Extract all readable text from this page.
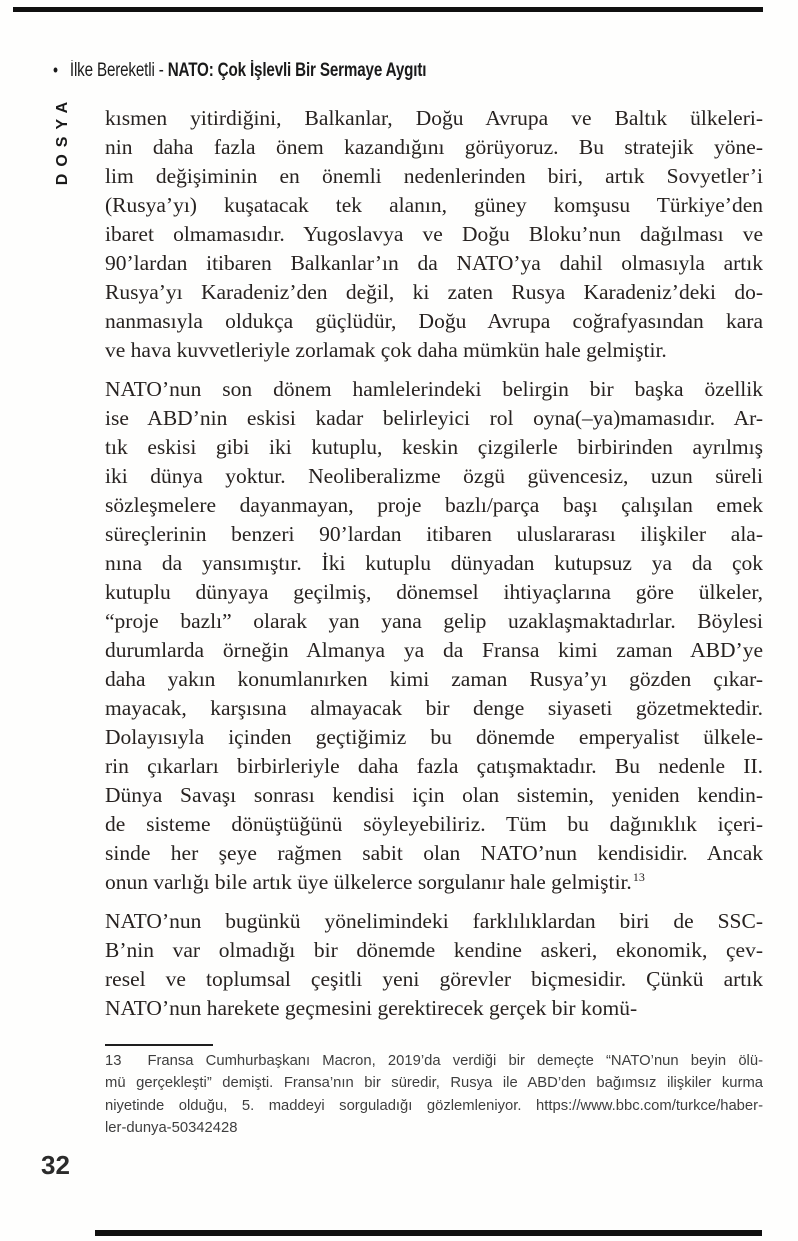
• İlke Bereketli - NATO: Çok İşlevli Bir Sermaye Aygıtı
DOSYA kısmen yitirdiğini, Balkanlar, Doğu Avrupa ve Baltık ülkeleri-
nin daha fazla önem kazandığını görüyoruz. Bu stratejik yöne-
lim değişiminin en önemli nedenlerinden biri, artık Sovyetler’i
(Rusya’yı) kuşatacak tek alanın, güney komşusu Türkiye’den
ibaret olmamasıdır. Yugoslavya ve Doğu Bloku’nun dağılması ve
90’lardan itibaren Balkanlar’ın da NATO’ya dahil olmasıyla artık
Rusya’yı Karadeniz’den değil, ki zaten Rusya Karadeniz’deki do-
nanmasıyla oldukça güçlüdür, Doğu Avrupa coğrafyasından kara
ve hava kuvvetleriyle zorlamak çok daha mümkün hale gelmiştir.
NATO’nun son dönem hamlelerindeki belirgin bir başka özellik
ise ABD’nin eskisi kadar belirleyici rol oyna(–ya)mamasıdır. Ar-
tık eskisi gibi iki kutuplu, keskin çizgilerle birbirinden ayrılmış
iki dünya yoktur. Neoliberalizme özgü güvencesiz, uzun süreli
sözleşmelere dayanmayan, proje bazlı/parça başı çalışılan emek
süreçlerinin benzeri 90’lardan itibaren uluslararası ilişkiler ala-
nına da yansımıştır. İki kutuplu dünyadan kutupsuz ya da çok
kutuplu dünyaya geçilmiş, dönemsel ihtiyaçlarına göre ülkeler,
“proje bazlı” olarak yan yana gelip uzaklaşmaktadırlar. Böylesi
durumlarda örneğin Almanya ya da Fransa kimi zaman ABD’ye
daha yakın konumlanırken kimi zaman Rusya’yı gözden çıkar-
mayacak, karşısına almayacak bir denge siyaseti gözetmektedir.
Dolayısıyla içinden geçtiğimiz bu dönemde emperyalist ülkele-
rin çıkarları birbirleriyle daha fazla çatışmaktadır. Bu nedenle II.
Dünya Savaşı sonrası kendisi için olan sistemin, yeniden kendin-
de sisteme dönüştüğünü söyleyebiliriz. Tüm bu dağınıklık içeri-
sinde her şeye rağmen sabit olan NATO’nun kendisidir. Ancak
onun varlığı bile artık üye ülkelerce sorgulanır hale gelmiştir.$^{13}$
NATO’nun bugünkü yönelimindeki farklılıklardan biri de SSC-
B’nin var olmadığı bir dönemde kendine askeri, ekonomik, çev-
resel ve toplumsal çeşitli yeni görevler biçmesidir. Çünkü artık
NATO’nun harekete geçmesini gerektirecek gerçek bir komü-
13 Fransa Cumhurbaşkanı Macron, 2019’da verdiği bir demeçte “NATO’nun beyin ölü-
mü gerçekleşti” demişti. Fransa’nın bir süredir, Rusya ile ABD’den bağımsız ilişkiler kurma
niyetinde olduğu, 5. maddeyi sorguladığı gözlemleniyor. https://www.bbc.com/turkce/haber-
ler-dunya-50342428
32
